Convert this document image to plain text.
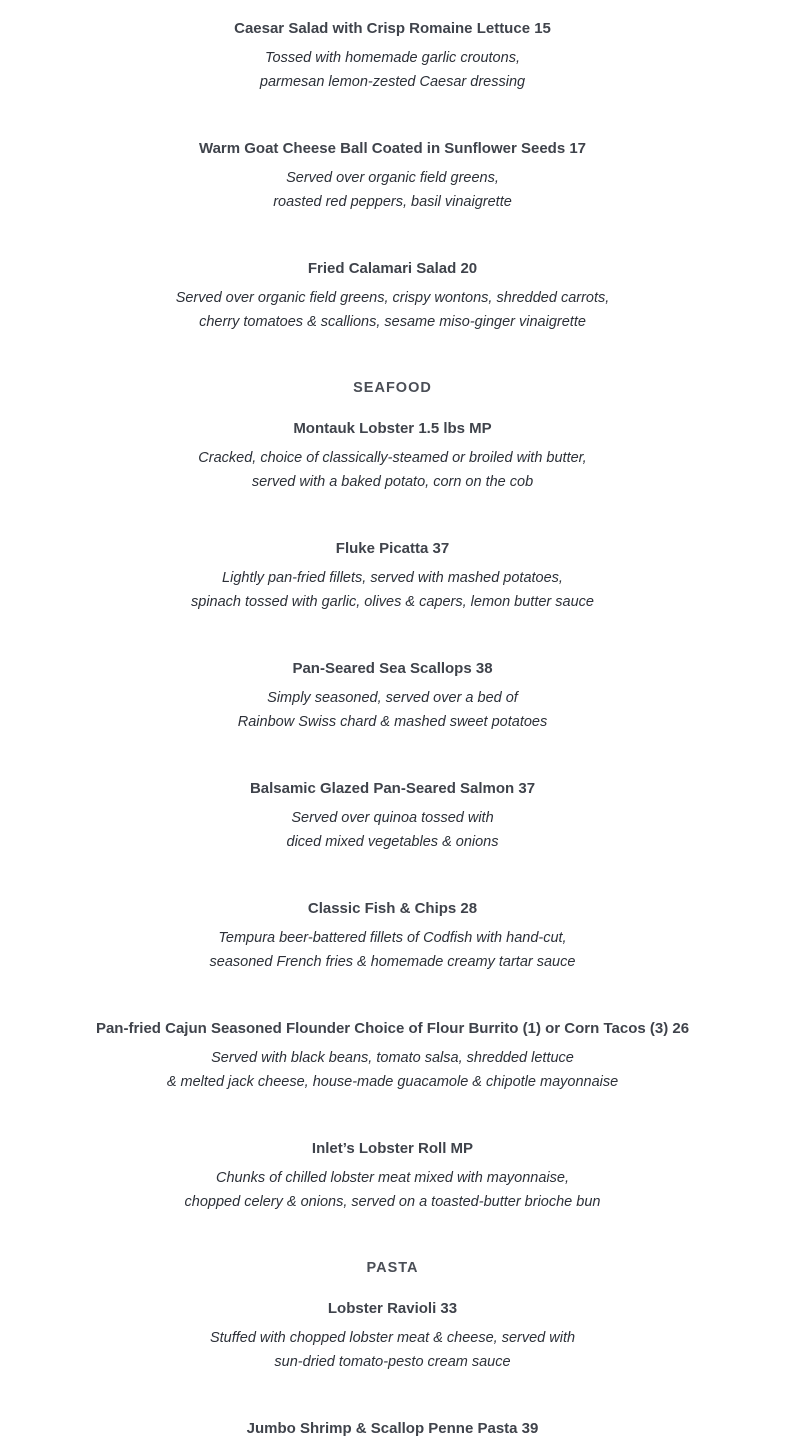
Caesar Salad with Crisp Romaine Lettuce 15

Tossed with homemade garlic croutons,
parmesan lemon-zested Caesar dressing

Warm Goat Cheese Ball Coated in Sunflower Seeds 17

Served over organic field greens,
roasted red peppers, basil vinaigrette

Fried Calamari Salad 20

Served over organic field greens, crispy wontons, shredded carrots,
cherry tomatoes & scallions, sesame miso-ginger vinaigrette

SEAFOOD

Montauk Lobster 1.5 lbs MP

Cracked, choice of classically-steamed or broiled with butter,
served with a baked potato, corn on the cob

Fluke Picatta 37

Lightly pan-fried fillets, served with mashed potatoes,
spinach tossed with garlic, olives & capers, lemon butter sauce

Pan-Seared Sea Scallops 38

Simply seasoned, served over a bed of
Rainbow Swiss chard & mashed sweet potatoes

Balsamic Glazed Pan-Seared Salmon 37

Served over quinoa tossed with
diced mixed vegetables & onions

Classic Fish & Chips 28

Tempura beer-battered fillets of Codfish with hand-cut,
seasoned French fries & homemade creamy tartar sauce

Pan-fried Cajun Seasoned Flounder Choice of Flour Burrito (1) or Corn Tacos (3) 26

Served with black beans, tomato salsa, shredded lettuce
& melted jack cheese, house-made guacamole & chipotle mayonnaise

Inlet’s Lobster Roll MP

Chunks of chilled lobster meat mixed with mayonnaise,
chopped celery & onions, served on a toasted-butter brioche bun

PASTA

Lobster Ravioli 33

Stuffed with chopped lobster meat & cheese, served with
sun-dried tomato-pesto cream sauce

Jumbo Shrimp & Scallop Penne Pasta 39
